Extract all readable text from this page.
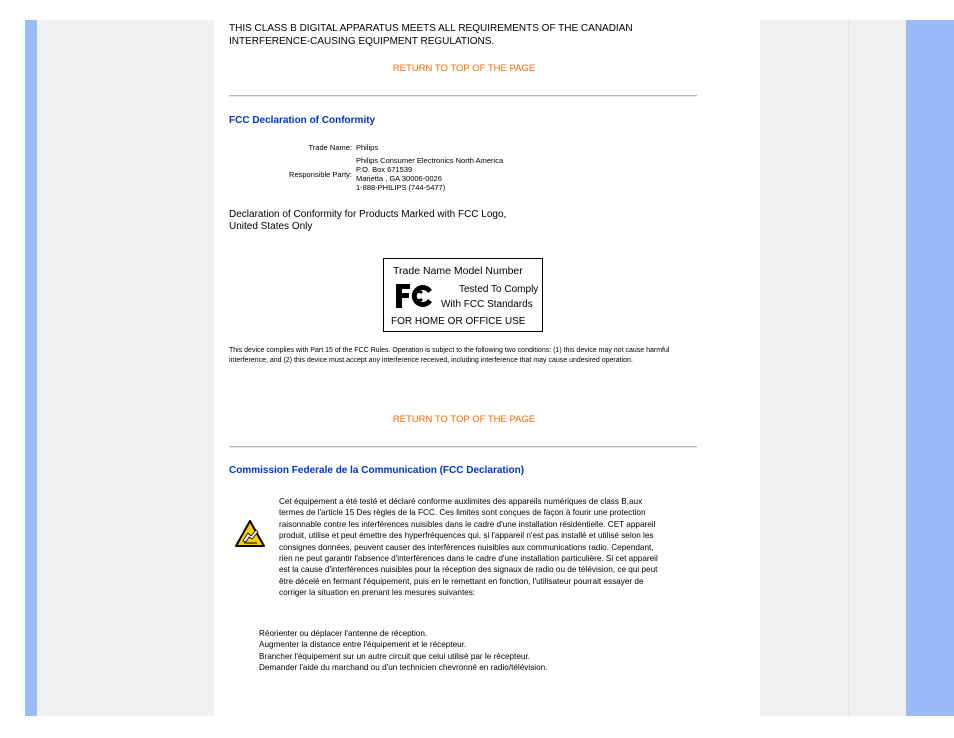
THIS CLASS B DIGITAL APPARATUS MEETS ALL REQUIREMENTS OF THE CANADIAN INTERFERENCE-CAUSING EQUIPMENT REGULATIONS.
RETURN TO TOP OF THE PAGE
FCC Declaration of Conformity
Trade Name:	Philips

Responsible Party:	Philips Consumer Electronics North America
P.O. Box 671539
Marietta , GA 30006-0026
1-888-PHILIPS (744-5477)
Declaration of Conformity for Products Marked with FCC Logo,
United States Only
Trade Name Model Number
Tested To Comply
With FCC Standards
FOR HOME OR OFFICE USE
This device complies with Part 15 of the FCC Rules. Operation is subject to the following two conditions: (1) this device may not cause harmful interference, and (2) this device must accept any interference received, including interference that may cause undesired operation.
RETURN TO TOP OF THE PAGE
Commission Federale de la Communication (FCC Declaration)
Cet équipement a été testé et déclaré conforme auxlimites des appareils numériques de class B,aux termes de l'article 15 Des règles de la FCC. Ces limites sont conçues de façon à fourir une protection raisonnable contre les interférences nuisibles dans le cadre d'une installation résidentielle. CET appareil produit, utilise et peut émettre des hyperfréquences qui, si l'appareil n'est pas installé et utilisé selon les consignes données, peuvent causer des interférences nuisibles aux communications radio. Cependant, rien ne peut garantir l'absence d'interférences dans le cadre d'une installation particulière. Si cet appareil est la cause d'interférences nuisibles pour la réception des signaux de radio ou de télévision, ce qui peut être décelé en fermant l'équipement, puis en le remettant en fonction, l'utilisateur pourrait essayer de corriger la situation en prenant les mesures suivantes:
Réorienter ou déplacer l'antenne de réception.
Augmenter la distance entre l'équipement et le récepteur.
Brancher l'équipement sur un autre circuit que celui utilisé par le récepteur.
Demander l'aide du marchand ou d'un technicien chevronné en radio/télévision.
